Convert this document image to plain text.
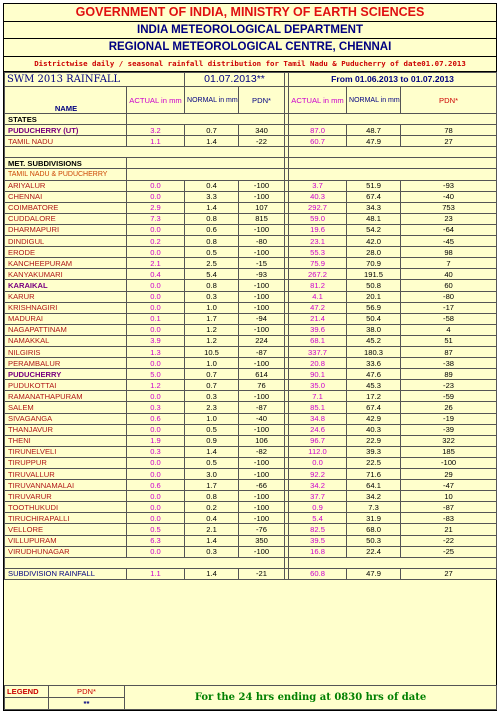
GOVERNMENT OF INDIA, MINISTRY OF EARTH SCIENCES
INDIA METEOROLOGICAL DEPARTMENT
REGIONAL METEOROLOGICAL CENTRE, CHENNAI
Districtwise daily / seasonal rainfall distribution for Tamil Nadu & Puducherry of date01.07.2013
SWM 2013 RAINFALL		01.07.2013**			From 01.06.2013 to 01.07.2013		
NAME	ACTUAL in mm	NORMAL in mm	PDN*		ACTUAL in mm	NORMAL in mm	PDN*
STATES							
PUDUCHERRY (UT)	3.2	0.7	340		87.0	48.7	78
TAMIL NADU	1.1	1.4	-22		60.7	47.9	27

MET. SUBDIVISIONS							
TAMIL NADU & PUDUCHERRY							
ARIYALUR	0.0	0.4	-100		3.7	51.9	-93
CHENNAI	0.0	3.3	-100		40.3	67.4	-40
COIMBATORE	2.9	1.4	107		292.7	34.3	753
CUDDALORE	7.3	0.8	815		59.0	48.1	23
DHARMAPURI	0.0	0.6	-100		19.6	54.2	-64
DINDIGUL	0.2	0.8	-80		23.1	42.0	-45
ERODE	0.0	0.5	-100		55.3	28.0	98
KANCHEEPURAM	2.1	2.5	-15		75.9	70.9	7
KANYAKUMARI	0.4	5.4	-93		267.2	191.5	40
KARAIKAL	0.0	0.8	-100		81.2	50.8	60
KARUR	0.0	0.3	-100		4.1	20.1	-80
KRISHNAGIRI	0.0	1.0	-100		47.2	56.9	-17
MADURAI	0.1	1.7	-94		21.4	50.4	-58
NAGAPATTINAM	0.0	1.2	-100		39.6	38.0	4
NAMAKKAL	3.9	1.2	224		68.1	45.2	51
NILGIRIS	1.3	10.5	-87		337.7	180.3	87
PERAMBALUR	0.0	1.0	-100		20.8	33.6	-38
PUDUCHERRY	5.0	0.7	614		90.1	47.6	89
PUDUKOTTAI	1.2	0.7	76		35.0	45.3	-23
RAMANATHAPURAM	0.0	0.3	-100		7.1	17.2	-59
SALEM	0.3	2.3	-87		85.1	67.4	26
SIVAGANGA	0.6	1.0	-40		34.8	42.9	-19
THANJAVUR	0.0	0.5	-100		24.6	40.3	-39
THENI	1.9	0.9	106		96.7	22.9	322
TIRUNELVELI	0.3	1.4	-82		112.0	39.3	185
TIRUPPUR	0.0	0.5	-100		0.0	22.5	-100
TIRUVALLUR	0.0	3.0	-100		92.2	71.6	29
TIRUVANNAMALAI	0.6	1.7	-66		34.2	64.1	-47
TIRUVARUR	0.0	0.8	-100		37.7	34.2	10
TOOTHUKUDI	0.0	0.2	-100		0.9	7.3	-87
TIRUCHIRAPALLI	0.0	0.4	-100		5.4	31.9	-83
VELLORE	0.5	2.1	-76		82.5	68.0	21
VILLUPURAM	6.3	1.4	350		39.5	50.3	-22
VIRUDHUNAGAR	0.0	0.3	-100		16.8	22.4	-25

SUBDIVISION RAINFALL	1.1	1.4	-21		60.8	47.9	27
LEGEND	PDN*	For the 24 hrs ending at 0830 hrs of date
	**	
